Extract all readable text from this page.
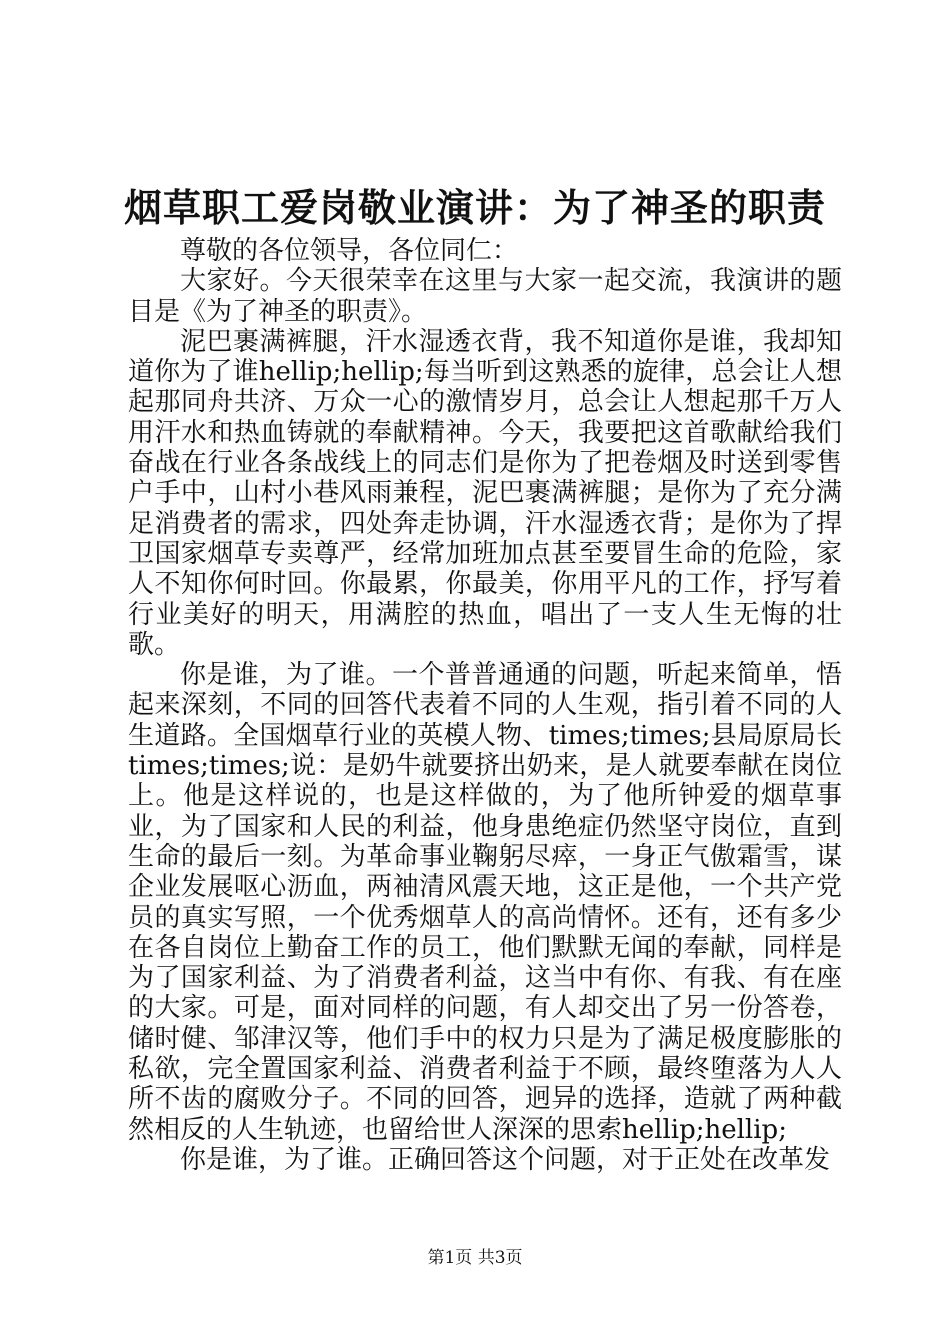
烟草职工爱岗敬业演讲：为了神圣的职责

尊敬的各位领导，各位同仁：

大家好。今天很荣幸在这里与大家一起交流，我演讲的题目是《为了神圣的职责》。

泥巴裹满裤腿，汗水湿透衣背，我不知道你是谁，我却知道你为了谁hellip;hellip;每当听到这熟悉的旋律，总会让人想起那同舟共济、万众一心的激情岁月，总会让人想起那千万人用汗水和热血铸就的奉献精神。今天，我要把这首歌献给我们奋战在行业各条战线上的同志们是你为了把卷烟及时送到零售户手中，山村小巷风雨兼程，泥巴裹满裤腿；是你为了充分满足消费者的需求，四处奔走协调，汗水湿透衣背；是你为了捍卫国家烟草专卖尊严，经常加班加点甚至要冒生命的危险，家人不知你何时回。你最累，你最美，你用平凡的工作，抒写着行业美好的明天，用满腔的热血，唱出了一支人生无悔的壮歌。

你是谁，为了谁。一个普普通通的问题，听起来简单，悟起来深刻，不同的回答代表着不同的人生观，指引着不同的人生道路。全国烟草行业的英模人物、times;times;县局原局长times;times;说：是奶牛就要挤出奶来，是人就要奉献在岗位上。他是这样说的，也是这样做的，为了他所钟爱的烟草事业，为了国家和人民的利益，他身患绝症仍然坚守岗位，直到生命的最后一刻。为革命事业鞠躬尽瘁，一身正气傲霜雪，谋企业发展呕心沥血，两袖清风震天地，这正是他，一个共产党员的真实写照，一个优秀烟草人的高尚情怀。还有，还有多少在各自岗位上勤奋工作的员工，他们默默无闻的奉献，同样是为了国家利益、为了消费者利益，这当中有你、有我、有在座的大家。可是，面对同样的问题，有人却交出了另一份答卷，储时健、邹津汉等，他们手中的权力只是为了满足极度膨胀的私欲，完全置国家利益、消费者利益于不顾，最终堕落为人人所不齿的腐败分子。不同的回答，迥异的选择，造就了两种截然相反的人生轨迹，也留给世人深深的思索hellip;hellip;

你是谁，为了谁。正确回答这个问题，对于正处在改革发

第1页 共3页
